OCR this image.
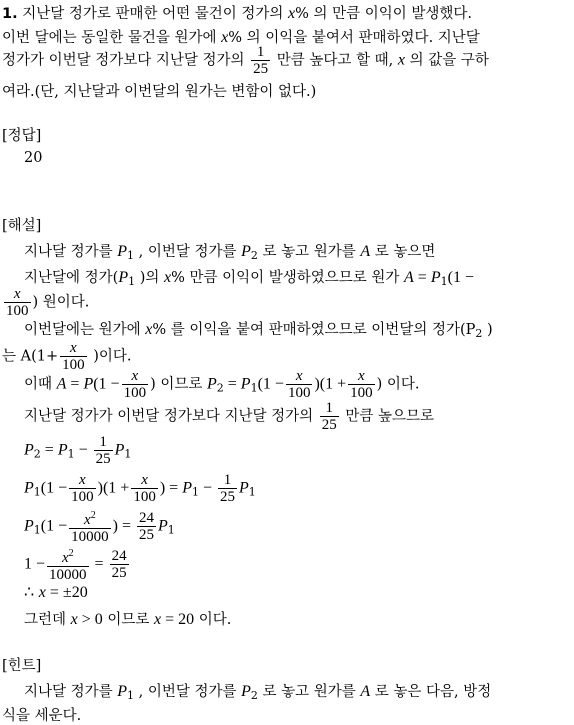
1. 지난달 정가로 판매한 어떤 물건이 정가의 x% 의 만큼 이익이 발생했다.
이번 달에는 동일한 물건을 원가에 x% 의 이익을 붙여서 판매하였다. 지난달
정가가 이번달 정가보다 지난달 정가의 $\frac{1}{25}$ 만큼 높다고 할 때, x 의 값을 구하
여라.(단, 지난달과 이번달의 원가는 변함이 없다.)
[정답]
20
[해설]
지나달 정가를 $P_1$ , 이번달 정가를 $P_2$ 로 놓고 원가를 A 로 놓으면
지난달에 정가($P_1$ )의 x% 만큼 이익이 발생하였으므로 원가 $A = P_1(1$ −
$\frac{x}{100}$ ) 원이다.
이번달에는 원가에 x% 를 이익을 붙여 판매하였으므로 이번달의 정가($P_2$ )
는 $A(1+ \frac{x}{100}$ )이다.
이때 $A = P(1 - \frac{x}{100}$ ) 이므로 $P_2 = P_1(1 - \frac{x}{100} )(1 + \frac{x}{100}$ ) 이다.
지난달 정가가 이번달 정가보다 지난달 정가의 $\frac{1}{25}$ 만큼 높으므로
$P_2 = P_1 - \frac{1}{25} P_1$
$P_1(1 - \frac{x}{100} )(1 + \frac{x}{100}$ ) = $P_1 - \frac{1}{25} P_1$
$P_1(1 - \frac{x^2}{10000}$ ) = $\frac{24}{25} P_1$
$1 - \frac{x^2}{10000} = \frac{24}{25}$
∴ x = ±20
그런데 x > 0 이므로 x = 20 이다.
[힌트]
지나달 정가를 $P_1$ , 이번달 정가를 $P_2$ 로 놓고 원가를 A 로 놓은 다음, 방정
식을 세운다.
